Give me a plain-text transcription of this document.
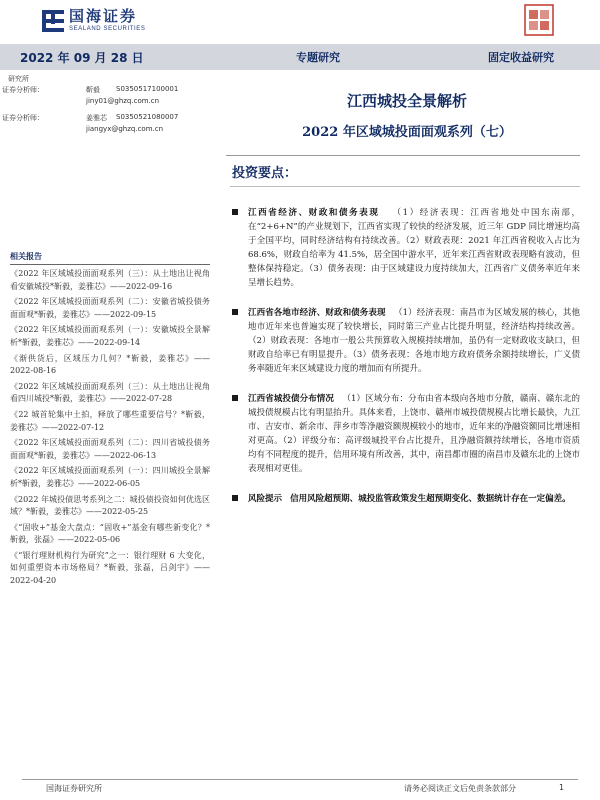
国海证券
SEALAND SECURITIES
2022 年 09 月 28 日	专题研究	固定收益研究
研究所
证券分析师：	靳毅 S0350517100001
jiny01@ghzq.com.cn
证券分析师：	姜雅芯 S0350521080007
jiangyx@ghzq.com.cn
江西城投全景解析
2022 年区域城投面面观系列（七）
投资要点：
相关报告
《2022 年区域城投面面观系列（三）：从土地出让视角看安徽城投*靳毅，姜雅芯》——2022-09-16
《2022 年区域城投面面观系列（二）：安徽省城投债务面面观*靳毅，姜雅芯》——2022-09-15
《2022 年区域城投面面观系列（一）：安徽城投全景解析*靳毅，姜雅芯》——2022-09-14
《渐供货后，区域压力几何？*靳毅，姜雅芯》——2022-08-16
《2022 年区域城投面面观系列（三）：从土地出让视角看四川城投*靳毅，姜雅芯》——2022-07-28
《22 城首轮集中土拍，释放了哪些重要信号？*靳毅，姜雅芯》——2022-07-12
《2022 年区域城投面面观系列（二）：四川省城投债务面面观*靳毅，姜雅芯》——2022-06-13
《2022 年区域城投面面观系列（一）：四川城投全景解析*靳毅，姜雅芯》——2022-06-05
《2022 年城投债思考系列之二：城投债投资如何优选区域？*靳毅，姜雅芯》——2022-05-25
《“固收+”基金大盘点：“固收+”基金有哪些新变化？*靳毅，张磊》——2022-05-06
《“银行理财机构行为研究”之一：银行理财 6 大变化，如何重塑资本市场格局？*靳毅，张磊，吕剑宇》——2022-04-20
江西省经济、财政和债务表现 （1）经济表现：江西省地处中国东南部，在“2+6+N”的产业规划下，江西省实现了较快的经济发展，近三年 GDP 同比增速均高于全国平均，同时经济结构有持续改善。（2）财政表现：2021 年江西省税收入占比为 68.6%，财政自给率为 41.5%，居全国中游水平，近年来江西省财政表现略有波动，但整体保持稳定。（3）债务表现：由于区域建设力度持续加大，江西省广义债务率近年来呈增长趋势。
江西省各地市经济、财政和债务表现 （1）经济表现：南昌市为区域发展的核心，其他地市近年来也普遍实现了较快增长，同时第三产业占比提升明显，经济结构持续改善。（2）财政表现：各地市一般公共预算收入规模持续增加，虽仍有一定财政收支缺口，但财政自给率已有明显提升。（3）债务表现：各地市地方政府债务余额持续增长，广义债务率随近年来区域建设力度的增加而有所提升。
江西省城投债分布情况 （1）区域分布：分布由省本级向各地市分散，赣南、赣东北的城投债规模占比有明显抬升。具体来看，上饶市、赣州市城投债规模占比增长最快，九江市、吉安市、新余市、萍乡市等净融资额规模较小的地市，近年来的净融资额同比增速相对更高。（2）评级分布：高评级城投平台占比提升，且净融资额持续增长，各地市资质均有不同程度的提升，信用环境有所改善，其中，南昌都市圈的南昌市及赣东北的上饶市表现相对更佳。
风险提示 信用风险超预期、城投监管政策发生超预期变化、数据统计存在一定偏差。
国海证券研究所	请务必阅读正文后免责条款部分	1
